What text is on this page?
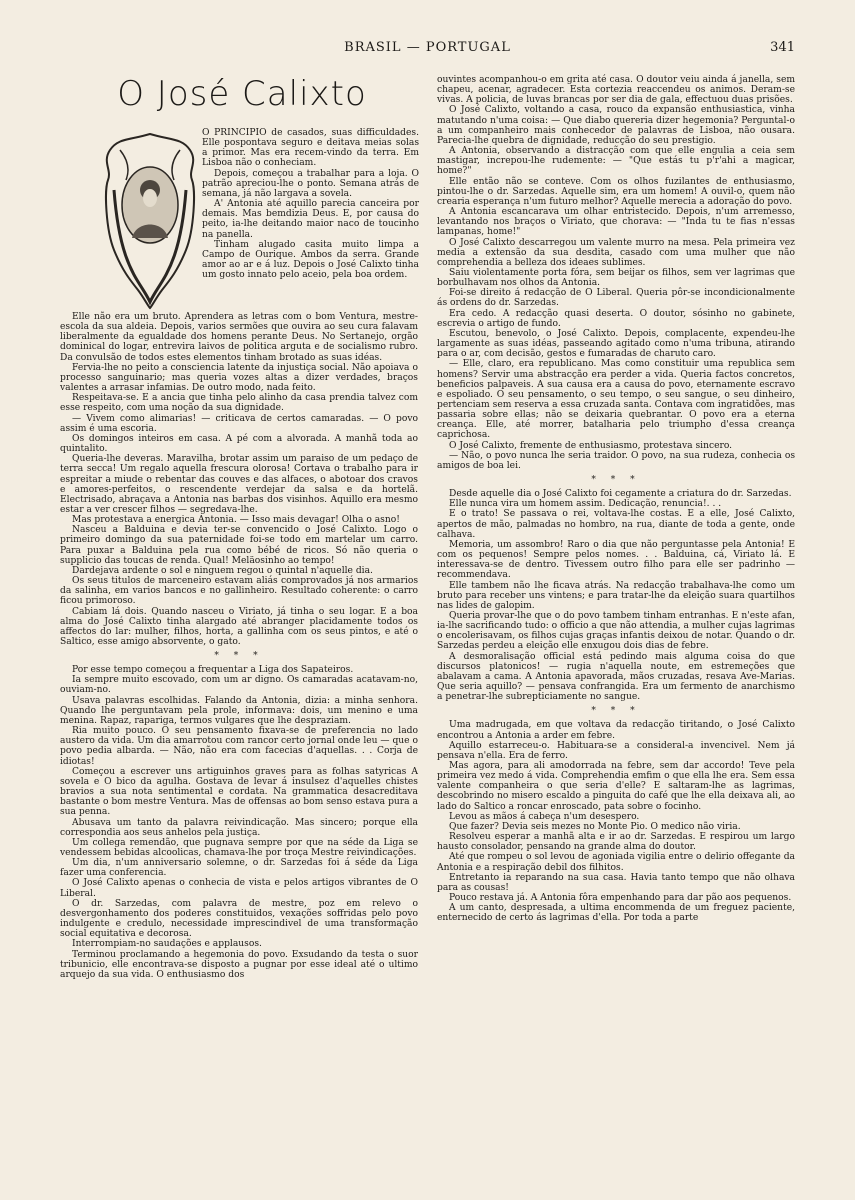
BRASIL — PORTUGAL	341
O José Calixto

O PRINCIPIO de casados, suas difficuldades. Elle pospontava seguro e deitava meias solas a primor. Mas era recem-vindo da terra. Em Lisboa não o conheciam.

Depois, começou a trabalhar para a loja. O patrão apreciou-lhe o ponto. Semana atrás de semana, já não largava a sovela.

A' Antonia até aquillo parecia canceira por demais. Mas bemdizia Deus. E, por causa do peito, ia-lhe deitando maior naco de toucinho na panella.

Tinham alugado casita muito limpa a Campo de Ourique. Ambos da serra. Grande amor ao ar e á luz. Depois o José Calixto tinha um gosto innato pelo aceio, pela boa ordem.

Elle não era um bruto. Aprendera as letras com o bom Ventura, mestre-escola da sua aldeia. Depois, varios sermões que ouvira ao seu cura falavam liberalmente da egualdade dos homens perante Deus. No Sertanejo, orgão dominical do logar, entrevira laivos de politica arguta e de socialismo rubro. Da convulsão de todos estes elementos tinham brotado as suas idéas.

Fervia-lhe no peito a consciencia latente da injustiça social. Não apoiava o processo sanguinario; mas queria vozes altas a dizer verdades, braços valentes a arrasar infamias. De outro modo, nada feito.

Respeitava-se. E a ancia que tinha pelo alinho da casa prendia talvez com esse respeito, com uma noção da sua dignidade.

— Vivem como alimarias! — criticava de certos camaradas. — O povo assim é uma escoria.

Os domingos inteiros em casa. A pé com a alvorada. A manhã toda ao quintalito.

Queria-lhe deveras. Maravilha, brotar assim um paraiso de um pedaço de terra secca! Um regalo aquella frescura olorosa! Cortava o trabalho para ir espreitar a miude o rebentar das couves e das alfaces, o abotoar dos cravos e amores-perfeitos, o rescendente verdejar da salsa e da hortelã. Electrisado, abraçava a Antonia nas barbas dos visinhos. Aquillo era mesmo estar a ver crescer filhos — segredava-lhe.

Mas protestava a energica Antonia. — Isso mais devagar! Olha o asno!

Nasceu a Balduina e devia ter-se convencido o José Calixto. Logo o primeiro domingo da sua paternidade foi-se todo em martelar um carro. Para puxar a Balduina pela rua como bébé de ricos. Só não queria o supplicio das toucas de renda. Qual! Meläosinho ao tempo!

Dardejava ardente o sol e ninguem regou o quintal n'aquelle dia.

Os seus titulos de marceneiro estavam aliás comprovados já nos armarios da salinha, em varios bancos e no gallinheiro. Resultado coherente: o carro ficou primoroso.

Cabiam lá dois. Quando nasceu o Viriato, já tinha o seu logar. E a boa alma do José Calixto tinha alargado até abranger placidamente todos os affectos do lar: mulher, filhos, horta, a gallinha com os seus pintos, e até o Saltico, esse amigo absorvente, o gato.

* * *

Por esse tempo começou a frequentar a Liga dos Sapateiros.

Ia sempre muito escovado, com um ar digno. Os camaradas acatavam-no, ouviam-no.

Usava palavras escolhidas. Falando da Antonia, dizia: a minha senhora. Quando lhe perguntavam pela prole, informava: dois, um menino e uma menina. Rapaz, rapariga, termos vulgares que lhe despraziam.

Ria muito pouco. O seu pensamento fixava-se de preferencia no lado austero da vida. Um dia amarrotou com rancor certo jornal onde leu — que o povo pedia albarda. — Não, não era com facecias d'aquellas. . . Corja de idiotas!

Começou a escrever uns artiguinhos graves para as folhas satyricas A sovela e O bico da agulha. Gostava de levar á insulsez d'aquelles chistes bravios a sua nota sentimental e cordata. Na grammatica desacreditava bastante o bom mestre Ventura. Mas de offensas ao bom senso estava pura a sua penna.

Abusava um tanto da palavra reivindicação. Mas sincero; porque ella correspondia aos seus anhelos pela justiça.

Um collega remendão, que pugnava sempre por que na séde da Liga se vendessem bebidas alcoolicas, chamava-lhe por troça Mestre reivindicações.

Um dia, n'um anniversario solemne, o dr. Sarzedas foi á séde da Liga fazer uma conferencia.

O José Calixto apenas o conhecia de vista e pelos artigos vibrantes de O Liberal.

O dr. Sarzedas, com palavra de mestre, poz em relevo o desvergonhamento dos poderes constituidos, vexações soffridas pelo povo indulgente e credulo, necessidade imprescindivel de uma transformação social equitativa e decorosa.

Interrompiam-no saudações e applausos.

Terminou proclamando a hegemonia do povo. Exsudando da testa o suor tribunicio, elle encontrava-se disposto a pugnar por esse ideal até o ultimo arquejo da sua vida. O enthusiasmo dos

ouvintes acompanhou-o em grita até casa. O doutor veiu ainda á janella, sem chapeu, acenar, agradecer. Esta cortezia reaccendeu os animos. Deram-se vivas. A policia, de luvas brancas por ser dia de gala, effectuou duas prisões.

O José Calixto, voltando a casa, rouco da expansão enthusiastica, vinha matutando n'uma coisa: — Que diabo quereria dizer hegemonia? Perguntal-o a um companheiro mais conhecedor de palavras de Lisboa, não ousara. Parecia-lhe quebra de dignidade, reducção do seu prestigio.

A Antonia, observando a distracção com que elle engulia a ceia sem mastigar, increpou-lhe rudemente: — "Que estás tu p'r'ahi a magicar, home?"

Elle então não se conteve. Com os olhos fuzilantes de enthusiasmo, pintou-lhe o dr. Sarzedas. Aquelle sim, era um homem! A ouvil-o, quem não crearia esperança n'um futuro melhor? Aquelle merecia a adoração do povo.

A Antonia escancarava um olhar entristecido. Depois, n'um arremesso, levantando nos braços o Viriato, que chorava: — "Inda tu te fias n'essas lampanas, home!"

O José Calixto descarregou um valente murro na mesa. Pela primeira vez media a extensão da sua desdita, casado com uma mulher que não comprehendia a belleza dos ideaes sublimes.

Saiu violentamente porta fóra, sem beijar os filhos, sem ver lagrimas que borbulhavam nos olhos da Antonia.

Foi-se direito á redacção de O Liberal. Queria pôr-se incondicionalmente ás ordens do dr. Sarzedas.

Era cedo. A redacção quasi deserta. O doutor, sósinho no gabinete, escrevia o artigo de fundo.

Escutou, benevolo, o José Calixto. Depois, complacente, expendeu-lhe largamente as suas idéas, passeando agitado como n'uma tribuna, atirando para o ar, com decisão, gestos e fumaradas de charuto caro.

— Elle, claro, era republicano. Mas como constituir uma republica sem homens? Servir uma abstracção era perder a vida. Queria factos concretos, beneficios palpaveis. A sua causa era a causa do povo, eternamente escravo e espoliado. O seu pensamento, o seu tempo, o seu sangue, o seu dinheiro, pertenciam sem reserva a essa cruzada santa. Contava com ingratidões, mas passaria sobre ellas; não se deixaria quebrantar. O povo era a eterna creança. Elle, até morrer, batalharia pelo triumpho d'essa creança caprichosa.

O José Calixto, fremente de enthusiasmo, protestava sincero.

— Não, o povo nunca lhe seria traidor. O povo, na sua rudeza, conhecia os amigos de boa lei.

* * *

Desde aquelle dia o José Calixto foi cegamente a criatura do dr. Sarzedas.

Elle nunca vira um homem assim. Dedicação, renuncia!. . .

E o trato! Se passava o rei, voltava-lhe costas. E a elle, José Calixto, apertos de mão, palmadas no hombro, na rua, diante de toda a gente, onde calhava.

Memoria, um assombro! Raro o dia que não perguntasse pela Antonia! E com os pequenos! Sempre pelos nomes. . . Balduina, cá, Viriato lá. E interessava-se de dentro. Tivessem outro filho para elle ser padrinho — recommendava.

Elle tambem não lhe ficava atrás. Na redacção trabalhava-lhe como um bruto para receber uns vintens; e para tratar-lhe da eleição suara quartilhos nas lides de galopim.

Queria provar-lhe que o do povo tambem tinham entranhas. E n'este afan, ia-lhe sacrificando tudo: o officio a que não attendia, a mulher cujas lagrimas o encolerisavam, os filhos cujas graças infantis deixou de notar. Quando o dr. Sarzedas perdeu a eleição elle enxugou dois dias de febre.

A desmoralisação official está pedindo mais alguma coisa do que discursos platonicos! — rugia n'aquella noute, em estremeções que abalavam a cama. A Antonia apavorada, mãos cruzadas, resava Ave-Marias. Que seria aquillo? — pensava confrangida. Era um fermento de anarchismo a penetrar-lhe subrepticiamente no sangue.

* * *

Uma madrugada, em que voltava da redacção tiritando, o José Calixto encontrou a Antonia a arder em febre.

Aquillo estarreceu-o. Habituara-se a consideral-a invencivel. Nem já pensava n'ella. Era de ferro.

Mas agora, para ali amodorrada na febre, sem dar accordo! Teve pela primeira vez medo á vida. Comprehendia emfim o que ella lhe era. Sem essa valente companheira o que seria d'elle? E saltaram-lhe as lagrimas, descobrindo no misero escaldo a pinguita do café que lhe ella deixava ali, ao lado do Saltico a roncar enroscado, pata sobre o focinho.

Levou as mãos á cabeça n'um desespero.

Que fazer? Devia seis mezes no Monte Pio. O medico não viria.

Resolveu esperar a manhã alta e ir ao dr. Sarzedas. E respirou um largo hausto consolador, pensando na grande alma do doutor.

Até que rompeu o sol levou de agoniada vigilia entre o delirio offegante da Antonia e a respiração debil dos filhitos.

Entretanto ia reparando na sua casa. Havia tanto tempo que não olhava para as cousas!

Pouco restava já. A Antonia fôra empenhando para dar pão aos pequenos.

A um canto, despresada, a ultima encommenda de um freguez paciente, enternecido de certo ás lagrimas d'ella. Por toda a parte
